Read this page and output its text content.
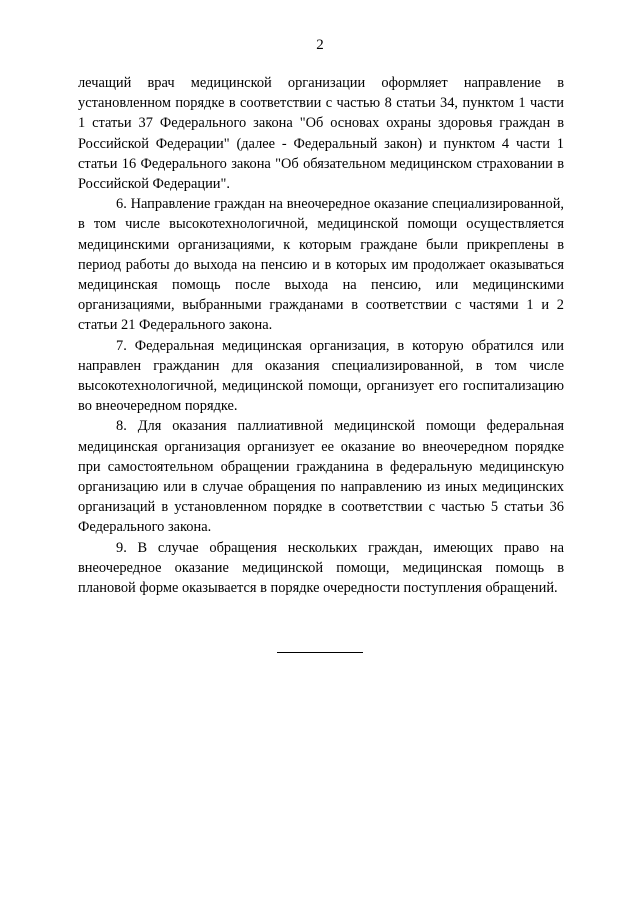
2

лечащий врач медицинской организации оформляет направление в установленном порядке в соответствии с частью 8 статьи 34, пунктом 1 части 1 статьи 37 Федерального закона "Об основах охраны здоровья граждан в Российской Федерации" (далее - Федеральный закон) и пунктом 4 части 1 статьи 16 Федерального закона "Об обязательном медицинском страховании в Российской Федерации".

6. Направление граждан на внеочередное оказание специализированной, в том числе высокотехнологичной, медицинской помощи осуществляется медицинскими организациями, к которым граждане были прикреплены в период работы до выхода на пенсию и в которых им продолжает оказываться медицинская помощь после выхода на пенсию, или медицинскими организациями, выбранными гражданами в соответствии с частями 1 и 2 статьи 21 Федерального закона.

7. Федеральная медицинская организация, в которую обратился или направлен гражданин для оказания специализированной, в том числе высокотехнологичной, медицинской помощи, организует его госпитализацию во внеочередном порядке.

8. Для оказания паллиативной медицинской помощи федеральная медицинская организация организует ее оказание во внеочередном порядке при самостоятельном обращении гражданина в федеральную медицинскую организацию или в случае обращения по направлению из иных медицинских организаций в установленном порядке в соответствии с частью 5 статьи 36 Федерального закона.

9. В случае обращения нескольких граждан, имеющих право на внеочередное оказание медицинской помощи, медицинская помощь в плановой форме оказывается в порядке очередности поступления обращений.
